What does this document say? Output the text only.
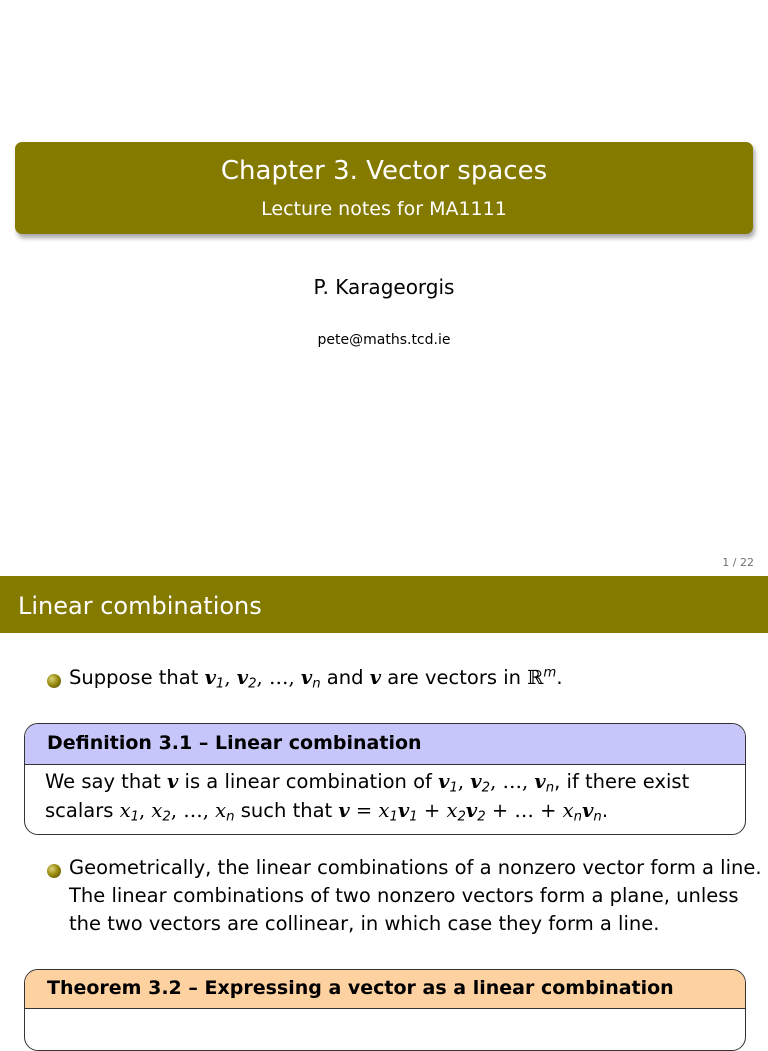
Chapter 3. Vector spaces
Lecture notes for MA1111
P. Karageorgis
pete@maths.tcd.ie
1 / 22
Linear combinations
Suppose that $v_1$, $v_2$, …, $v_n$ and v are vectors in ℝ$^m$.
Definition 3.1 – Linear combination
We say that v is a linear combination of $v_1$, $v_2$, …, $v_n$, if there exist
scalars $x_1$, $x_2$, …, $x_n$ such that $v = x_1v_1 + x_2v_2$ + … + $x_nv_n$.
Geometrically, the linear combinations of a nonzero vector form a line.
The linear combinations of two nonzero vectors form a plane, unless
the two vectors are collinear, in which case they form a line.
Theorem 3.2 – Expressing a vector as a linear combination
